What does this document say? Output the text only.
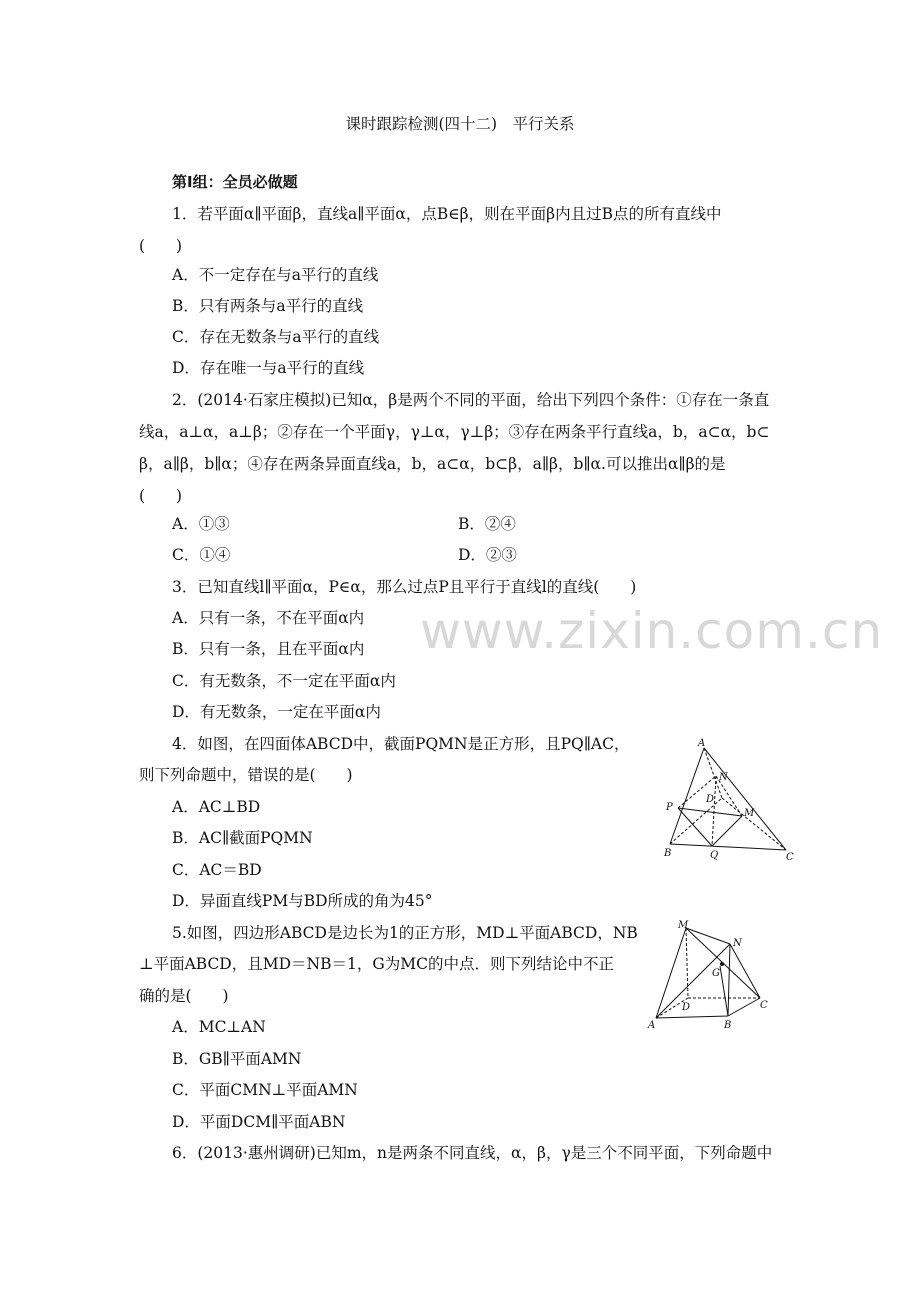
课时跟踪检测(四十二)　平行关系
第Ⅰ组：全员必做题
1．若平面α∥平面β，直线a∥平面α，点B∈β，则在平面β内且过B点的所有直线中
(　　)
A．不一定存在与a平行的直线
B．只有两条与a平行的直线
C．存在无数条与a平行的直线
D．存在唯一与a平行的直线
2．(2014·石家庄模拟)已知α，β是两个不同的平面，给出下列四个条件：①存在一条直
线a，a⊥α，a⊥β；②存在一个平面γ，γ⊥α，γ⊥β；③存在两条平行直线a，b，a⊂α，b⊂
β，a∥β，b∥α；④存在两条异面直线a，b，a⊂α，b⊂β，a∥β，b∥α.可以推出α∥β的是
(　　)
A．①③	B．②④
C．①④	D．②③
3．已知直线l∥平面α，P∈α，那么过点P且平行于直线l的直线(　　)
A．只有一条，不在平面α内
B．只有一条，且在平面α内
C．有无数条，不一定在平面α内
D．有无数条，一定在平面α内
4．如图，在四面体ABCD中，截面PQMN是正方形，且PQ∥AC，
则下列命题中，错误的是(　　)
A．AC⊥BD
B．AC∥截面PQMN
C．AC＝BD
D．异面直线PM与BD所成的角为45°
5.如图，四边形ABCD是边长为1的正方形，MD⊥平面ABCD，NB
⊥平面ABCD，且MD＝NB＝1，G为MC的中点．则下列结论中不正
确的是(　　)
A．MC⊥AN
B．GB∥平面AMN
C．平面CMN⊥平面AMN
D．平面DCM∥平面ABN
6．(2013·惠州调研)已知m，n是两条不同直线，α，β，γ是三个不同平面，下列命题中
www.zixin.com.cn
A
N
D
P
M
B	Q	C
M
N
G
D	C
A	B
